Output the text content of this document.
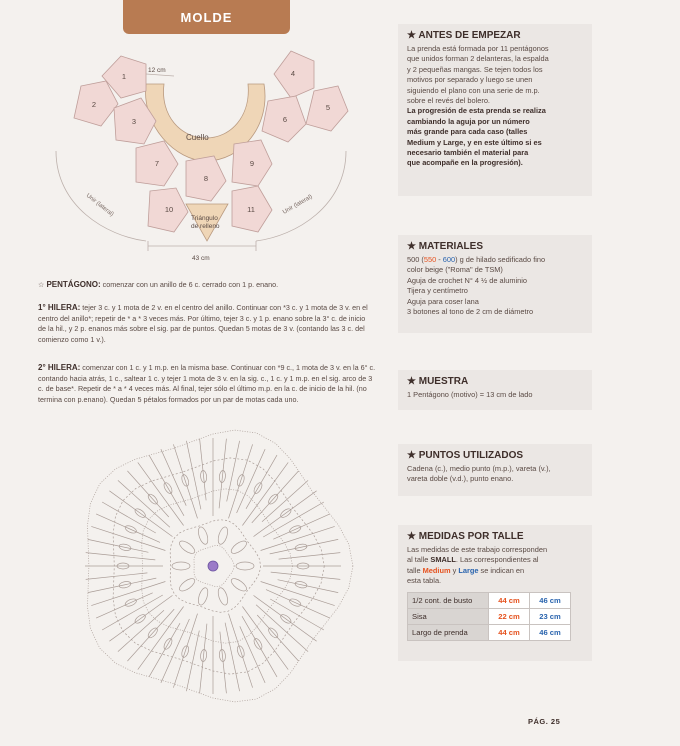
MOLDE
Cuello
Triángulo
de relleno
1
2
3
4
5
6
7
8
9
10	11
12 cm
43 cm
Unir (lateral)	Unir (lateral)
☆ PENTÁGONO: comenzar con un anillo de 6 c. cerrado con 1 p. enano.
1° HILERA: tejer 3 c. y 1 mota de 2 v. en el centro del anillo. Continuar con *3 c. y 1 mota de 3 v. en el
centro del anillo*; repetir de * a * 3 veces más. Por último, tejer 3 c. y 1 p. enano sobre la 3° c. de inicio
de la hil., y 2 p. enanos más sobre el sig. par de puntos. Quedan 5 motas de 3 v. (contando las 3 c. del
comienzo como 1 v.).
2° HILERA: comenzar con 1 c. y 1 m.p. en la misma base. Continuar con *9 c., 1 mota de 3 v. en la 6° c.
contando hacia atrás, 1 c., saltear 1 c. y tejer 1 mota de 3 v. en la sig. c., 1 c. y 1 m.p. en el sig. arco de 3
c. de base*. Repetir de * a * 4 veces más. Al final, tejer sólo el último m.p. en la c. de inicio de la hil. (no
termina con p.enano). Quedan 5 pétalos formados por un par de motas cada uno.
★ ANTES DE EMPEZAR
La prenda está formada por 11 pentágonos
que unidos forman 2 delanteras, la espalda
y 2 pequeñas mangas. Se tejen todos los
motivos por separado y luego se unen
siguiendo el plano con una serie de m.p.
sobre el revés del bolero.
La progresión de esta prenda se realiza
cambiando la aguja por un número
más grande para cada caso (talles
Medium y Large, y en este último si es
necesario también el material para
que acompañe en la progresión).
★ MATERIALES
500 (550 - 600) g de hilado sedificado fino
color beige ("Roma" de TSM)
Aguja de crochet N° 4 ½ de aluminio
Tijera y centímetro
Aguja para coser lana
3 botones al tono de 2 cm de diámetro
★ MUESTRA
1 Pentágono (motivo) = 13 cm de lado
★ PUNTOS UTILIZADOS
Cadena (c.), medio punto (m.p.), vareta (v.),
vareta doble (v.d.), punto enano.
★ MEDIDAS POR TALLE
Las medidas de este trabajo corresponden
al talle SMALL. Las correspondientes al
talle Medium y Large se indican en
esta tabla.
1/2 cont. de busto	44 cm	46 cm
Sisa	22 cm	23 cm
Largo de prenda	44 cm	46 cm
PÁG. 25
